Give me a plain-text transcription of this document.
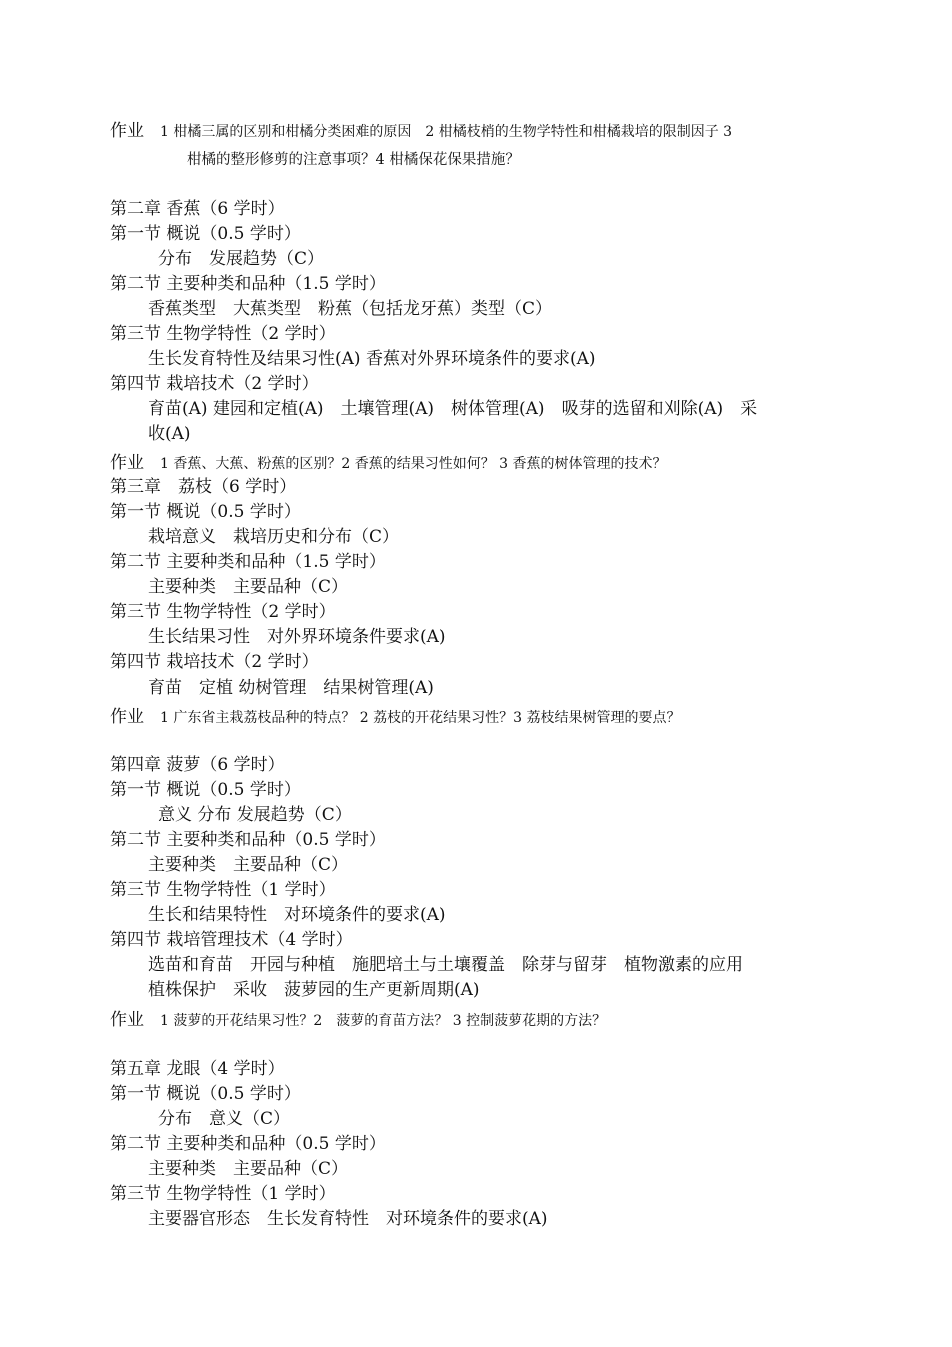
作业 1 柑橘三属的区别和柑橘分类困难的原因　2 柑橘枝梢的生物学特性和柑橘栽培的限制因子 3
柑橘的整形修剪的注意事项？4 柑橘保花保果措施？
第二章 香蕉（6 学时）
第一节 概说（0.5 学时）
分布　发展趋势（C）
第二节 主要种类和品种（1.5 学时）
香蕉类型　大蕉类型　粉蕉（包括龙牙蕉）类型（C）
第三节 生物学特性（2 学时）
生长发育特性及结果习性(A) 香蕉对外界环境条件的要求(A)
第四节 栽培技术（2 学时）
育苗(A) 建园和定植(A)　土壤管理(A)　树体管理(A)　吸芽的选留和刈除(A)　采
收(A)
作业 1 香蕉、大蕉、粉蕉的区别？2 香蕉的结果习性如何？ 3 香蕉的树体管理的技术？
第三章　荔枝（6 学时）
第一节 概说（0.5 学时）
栽培意义　栽培历史和分布（C）
第二节 主要种类和品种（1.5 学时）
主要种类　主要品种（C）
第三节 生物学特性（2 学时）
生长结果习性　对外界环境条件要求(A)
第四节 栽培技术（2 学时）
育苗　定植 幼树管理　结果树管理(A)
作业 1 广东省主栽荔枝品种的特点？ 2 荔枝的开花结果习性？3 荔枝结果树管理的要点？
第四章 菠萝（6 学时）
第一节 概说（0.5 学时）
意义 分布 发展趋势（C）
第二节 主要种类和品种（0.5 学时）
主要种类　主要品种（C）
第三节 生物学特性（1 学时）
生长和结果特性　对环境条件的要求(A)
第四节 栽培管理技术（4 学时）
选苗和育苗　开园与种植　施肥培土与土壤覆盖　除芽与留芽　植物激素的应用
植株保护　采收　菠萝园的生产更新周期(A)
作业 1 菠萝的开花结果习性？2　菠萝的育苗方法？ 3 控制菠萝花期的方法？
第五章 龙眼（4 学时）
第一节 概说（0.5 学时）
分布　意义（C）
第二节 主要种类和品种（0.5 学时）
主要种类　主要品种（C）
第三节 生物学特性（1 学时）
主要器官形态　生长发育特性　对环境条件的要求(A)
